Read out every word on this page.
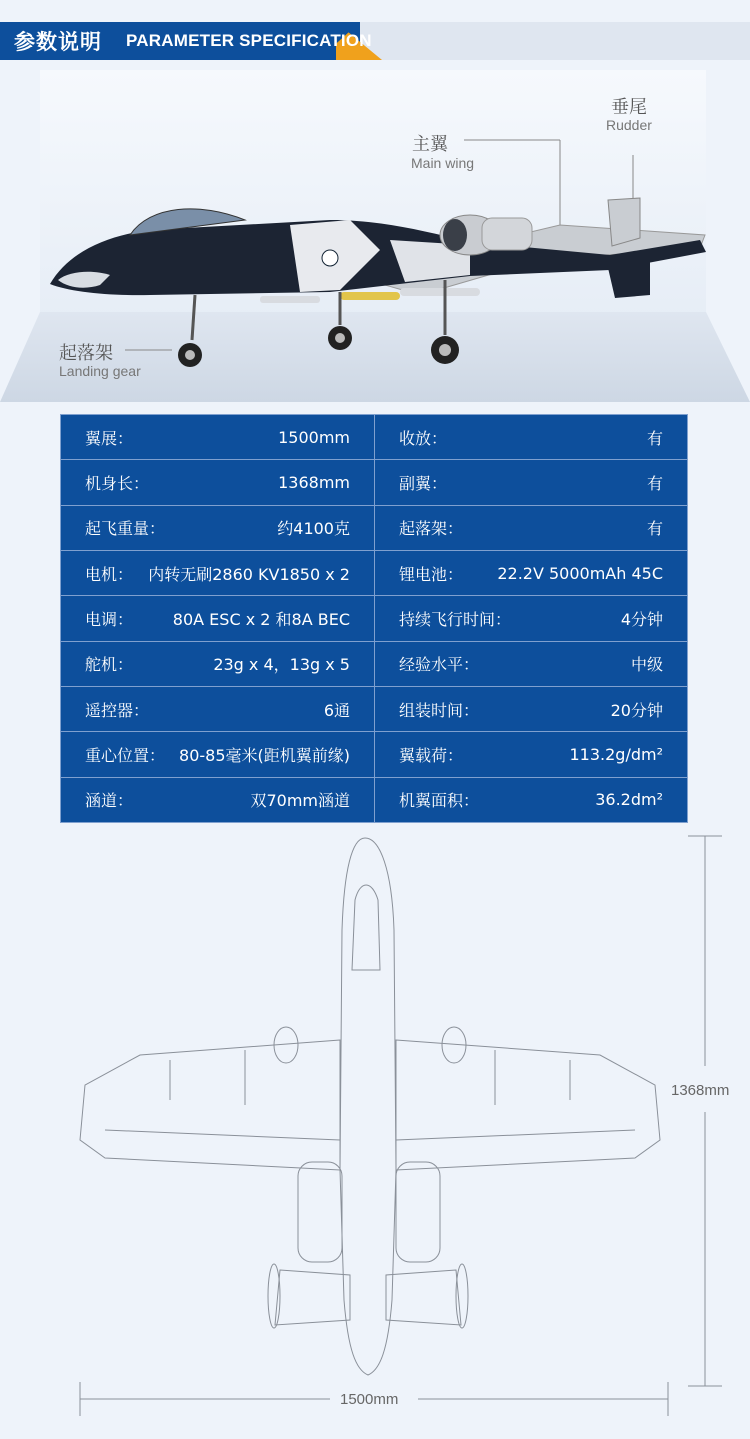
参数说明 PARAMETER SPECIFICATION
垂尾
Rudder
主翼
Main wing
起落架
Landing gear
翼展： 1500mm	收放： 有

机身长： 1368mm	副翼： 有

起飞重量： 约4100克	起落架： 有

电机： 内转无刷2860 KV1850 x 2	锂电池： 22.2V 5000mAh 45C

电调： 80A ESC x 2 和8A BEC	持续飞行时间： 4分钟

舵机： 23g x 4，13g x 5	经验水平： 中级

遥控器： 6通	组装时间： 20分钟

重心位置： 80-85毫米(距机翼前缘)	翼载荷： 113.2g/dm²

涵道： 双70mm涵道	机翼面积： 36.2dm²
1368mm
1500mm
